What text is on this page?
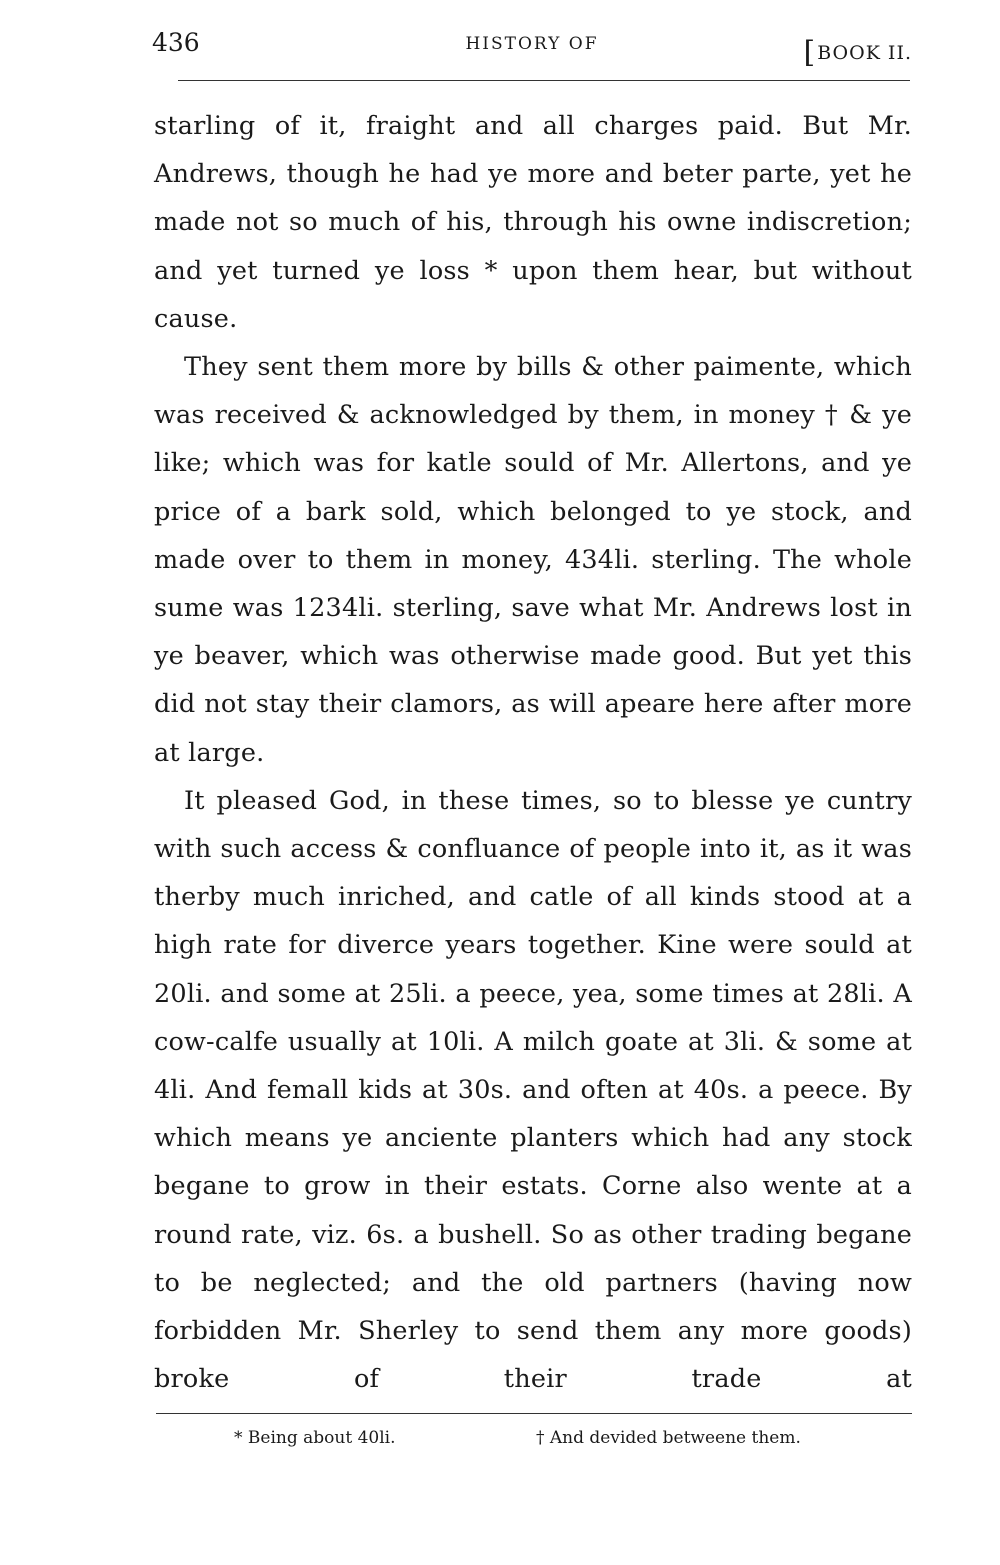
436	HISTORY OF	[BOOK II.

starling of it, fraight and all charges paid. But Mr. Andrews, though he had ye more and beter parte, yet he made not so much of his, through his owne indiscretion; and yet turned ye loss * upon them hear, but without cause.

They sent them more by bills & other paimente, which was received & acknowledged by them, in money † & ye like; which was for katle sould of Mr. Allertons, and ye price of a bark sold, which belonged to ye stock, and made over to them in money, 434li. sterling. The whole sume was 1234li. sterling, save what Mr. Andrews lost in ye beaver, which was otherwise made good. But yet this did not stay their clamors, as will apeare here after more at large.

It pleased God, in these times, so to blesse ye cuntry with such access & confluance of people into it, as it was therby much inriched, and catle of all kinds stood at a high rate for diverce years together. Kine were sould at 20li. and some at 25li. a peece, yea, some times at 28li. A cow-calfe usually at 10li. A milch goate at 3li. & some at 4li. And femall kids at 30s. and often at 40s. a peece. By which means ye anciente planters which had any stock begane to grow in their estats. Corne also wente at a round rate, viz. 6s. a bushell. So as other trading begane to be neglected; and the old partners (having now forbidden Mr. Sherley to send them any more goods) broke of their trade at

* Being about 40li.	† And devided betweene them.
